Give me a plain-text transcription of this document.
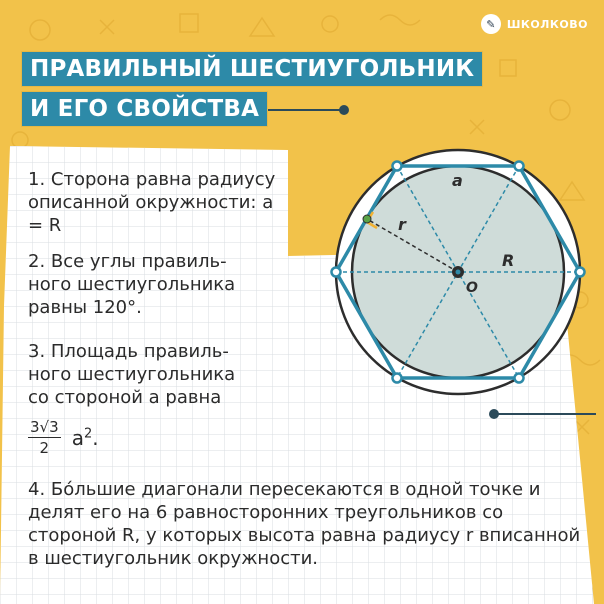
✎	ШКОЛКОВО
ПРАВИЛЬНЫЙ ШЕСТИУГОЛЬНИК
И ЕГО СВОЙСТВА
1. Сторона равна радиусу описанной окружности: a = R
2. Все углы правиль-
ного шестиугольника
равны 120°.
3. Площадь правиль-
ного шестиугольника
со стороной a равна
$\frac{3√3}{2} a^2$.
4. Бо́льшие диагонали пересекаются в одной точке и делят его на 6 равносторонних треугольников со стороной R, у которых высота равна радиусу r вписанной в шестиугольник окружности.
a
r
R
O
